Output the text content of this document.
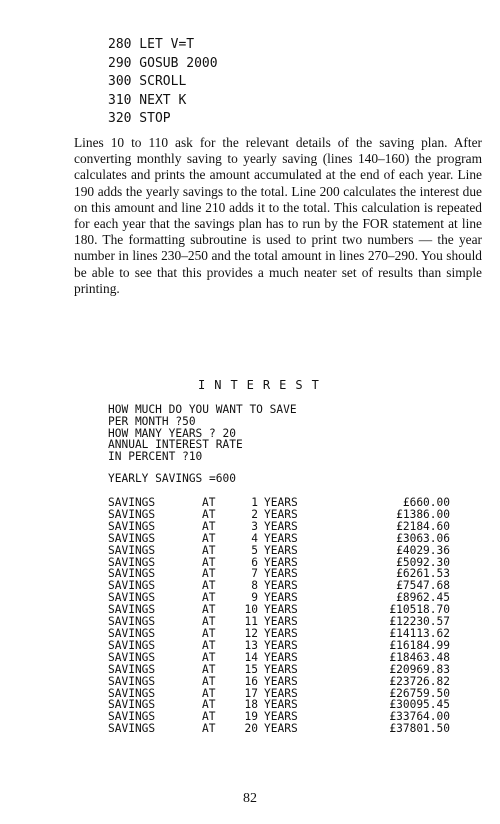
280 LET V=T
290 GOSUB 2000
300 SCROLL
310 NEXT K
320 STOP
Lines 10 to 110 ask for the relevant details of the saving plan. After converting monthly saving to yearly saving (lines 140–160) the program calculates and prints the amount accumulated at the end of each year. Line 190 adds the yearly savings to the total. Line 200 calculates the interest due on this amount and line 210 adds it to the total. This calculation is repeated for each year that the savings plan has to run by the FOR statement at line 180. The formatting subroutine is used to print two numbers — the year number in lines 230–250 and the total amount in lines 270–290. You should be able to see that this provides a much neater set of results than simple printing.
INTEREST
HOW MUCH DO YOU WANT TO SAVE
PER MONTH ?50
HOW MANY YEARS ? 20
ANNUAL INTEREST RATE
IN PERCENT ?10
YEARLY SAVINGS =600
SAVINGS	AT	1	YEARS	£660.00
SAVINGS	AT	2	YEARS	£1386.00
SAVINGS	AT	3	YEARS	£2184.60
SAVINGS	AT	4	YEARS	£3063.06
SAVINGS	AT	5	YEARS	£4029.36
SAVINGS	AT	6	YEARS	£5092.30
SAVINGS	AT	7	YEARS	£6261.53
SAVINGS	AT	8	YEARS	£7547.68
SAVINGS	AT	9	YEARS	£8962.45
SAVINGS	AT	10	YEARS	£10518.70
SAVINGS	AT	11	YEARS	£12230.57
SAVINGS	AT	12	YEARS	£14113.62
SAVINGS	AT	13	YEARS	£16184.99
SAVINGS	AT	14	YEARS	£18463.48
SAVINGS	AT	15	YEARS	£20969.83
SAVINGS	AT	16	YEARS	£23726.82
SAVINGS	AT	17	YEARS	£26759.50
SAVINGS	AT	18	YEARS	£30095.45
SAVINGS	AT	19	YEARS	£33764.00
SAVINGS	AT	20	YEARS	£37801.50
82
